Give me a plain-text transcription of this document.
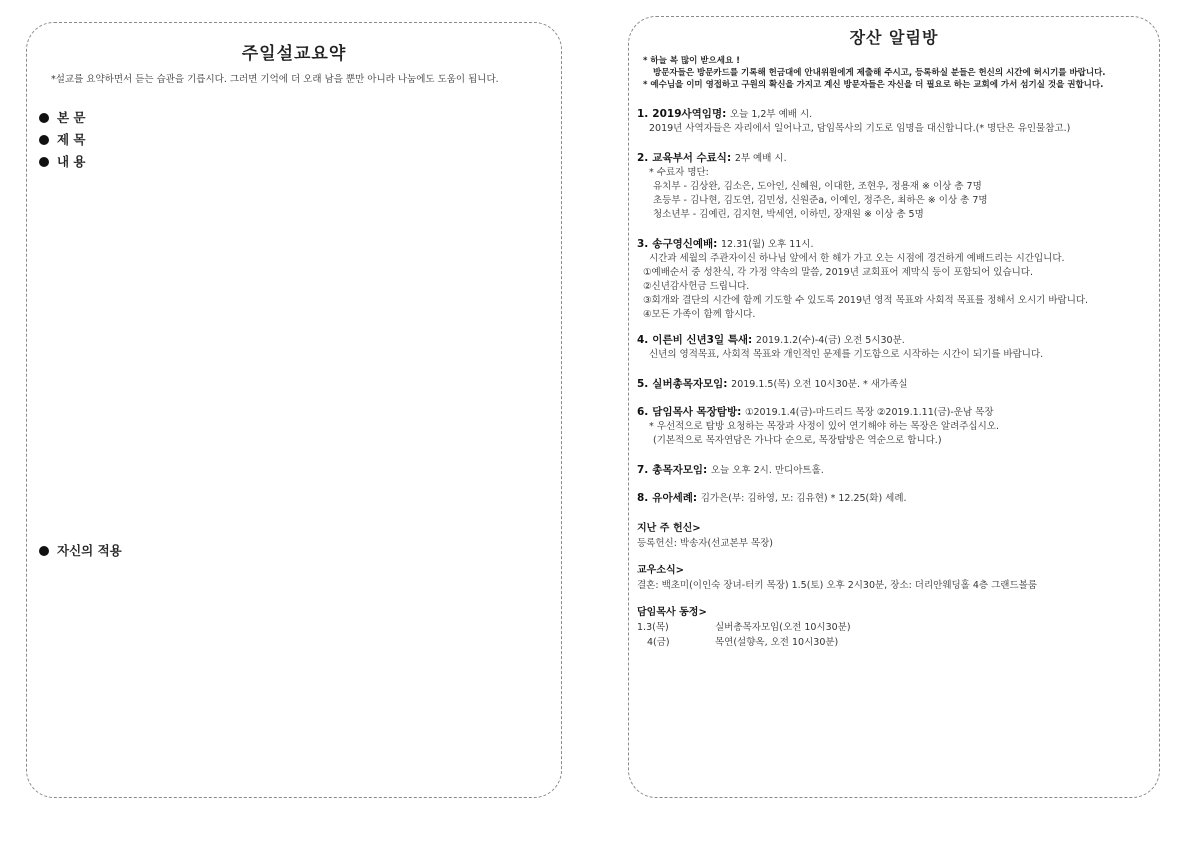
주일설교요약
*설교를 요약하면서 듣는 습관을 기릅시다. 그러면 기억에 더 오래 남을 뿐만 아니라 나눔에도 도움이 됩니다.
본 문
제 목
내 용
자신의 적용
장산 알림방
* 하늘 복 많이 받으세요 !
방문자들은 방문카드를 기록해 헌금대에 안내위원에게 제출해 주시고, 등록하실 분들은 헌신의 시간에 허시기를 바랍니다.
* 예수님을 이미 영접하고 구원의 확신을 가지고 계신 방문자들은 자신을 더 필요로 하는 교회에 가서 섬기실 것을 권합니다.
1. 2019사역임명: 오늘 1,2부 예배 시.
2019년 사역자들은 자리에서 일어나고, 담임목사의 기도로 임명을 대신합니다.(* 명단은 유인물참고.)
2. 교육부서 수료식: 2부 예배 시.
* 수료자 명단:
유치부 - 김상완, 김소은, 도아인, 신혜원, 이대한, 조현우, 정용재 ※ 이상 총 7명
초등부 - 김나현, 김도연, 김민성, 신원준a, 이예인, 정주은, 최하은 ※ 이상 총 7명
청소년부 - 김예린, 김지현, 박세연, 이하민, 장재원 ※ 이상 총 5명
3. 송구영신예배: 12.31(월) 오후 11시.
시간과 세월의 주관자이신 하나님 앞에서 한 해가 가고 오는 시점에 경건하게 예배드리는 시간입니다.
①예배순서 중 성찬식, 각 가정 약속의 말씀, 2019년 교회표어 제막식 등이 포함되어 있습니다.
②신년감사헌금 드립니다.
③회개와 결단의 시간에 함께 기도할 수 있도록 2019년 영적 목표와 사회적 목표를 정해서 오시기 바랍니다.
④모든 가족이 함께 합시다.
4. 이른비 신년3일 특새: 2019.1.2(수)-4(금) 오전 5시30분.
신년의 영적목표, 사회적 목표와 개인적인 문제를 기도함으로 시작하는 시간이 되기를 바랍니다.
5. 실버총목자모임: 2019.1.5(목) 오전 10시30분. * 새가족실
6. 담임목사 목장탐방: ①2019.1.4(금)-마드리드 목장 ②2019.1.11(금)-운남 목장
* 우선적으로 탐방 요청하는 목장과 사정이 있어 연기해야 하는 목장은 알려주십시오.
(기본적으로 목자연담은 가나다 순으로, 목장탐방은 역순으로 합니다.)
7. 총목자모임: 오늘 오후 2시. 만디아트홀.
8. 유아세례: 김가은(부: 김하영, 모: 김유현) * 12.25(화) 세례.
지난 주 헌신>
등록헌신: 박송자(선교본부 목장)
교우소식>
결혼: 백초미(이인숙 장녀-터키 목장) 1.5(토) 오후 2시30분, 장소: 더리안웨딩홀 4층 그랜드볼룸
담임목사 동정>
1.3(목)	실버총목자모임(오전 10시30분)
4(금)	목연(설향옥, 오전 10시30분)
